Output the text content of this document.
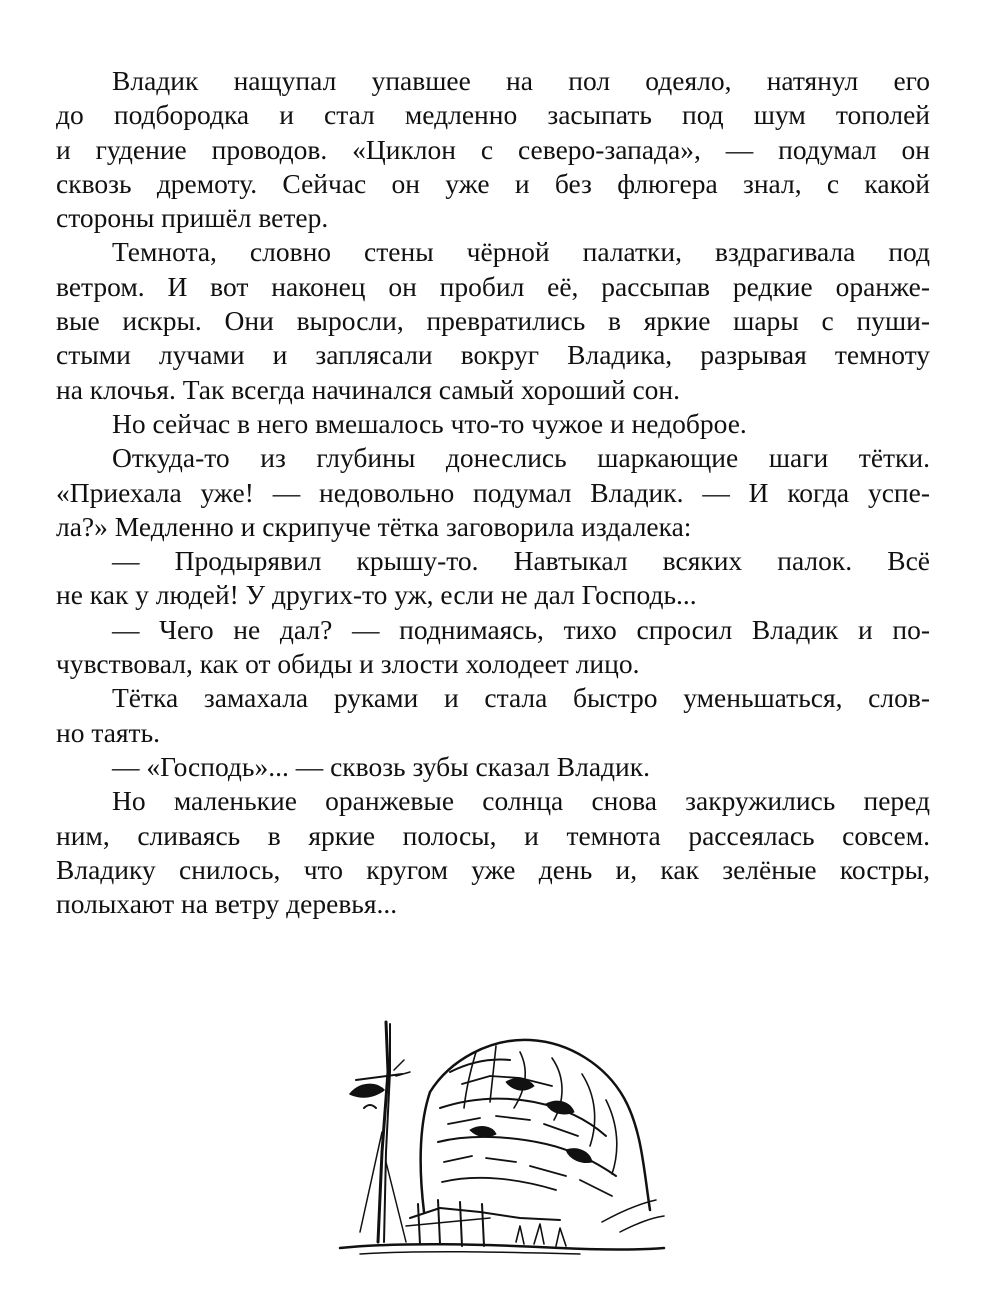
Владик нащупал упавшее на пол одеяло, натянул его
до подбородка и стал медленно засыпать под шум тополей
и гудение проводов. «Циклон с северо-запада», — подумал он
сквозь дремоту. Сейчас он уже и без флюгера знал, с какой
стороны пришёл ветер.
Темнота, словно стены чёрной палатки, вздрагивала под
ветром. И вот наконец он пробил её, рассыпав редкие оранже-
вые искры. Они выросли, превратились в яркие шары с пуши-
стыми лучами и заплясали вокруг Владика, разрывая темноту
на клочья. Так всегда начинался самый хороший сон.
Но сейчас в него вмешалось что-то чужое и недоброе.
Откуда-то из глубины донеслись шаркающие шаги тётки.
«Приехала уже! — недовольно подумал Владик. — И когда успе-
ла?» Медленно и скрипуче тётка заговорила издалека:
— Продырявил крышу-то. Навтыкал всяких палок. Всё
не как у людей! У других-то уж, если не дал Господь...
— Чего не дал? — поднимаясь, тихо спросил Владик и по-
чувствовал, как от обиды и злости холодеет лицо.
Тётка замахала руками и стала быстро уменьшаться, слов-
но таять.
— «Господь»... — сквозь зубы сказал Владик.
Но маленькие оранжевые солнца снова закружились перед
ним, сливаясь в яркие полосы, и темнота рассеялась совсем.
Владику снилось, что кругом уже день и, как зелёные костры,
полыхают на ветру деревья...
